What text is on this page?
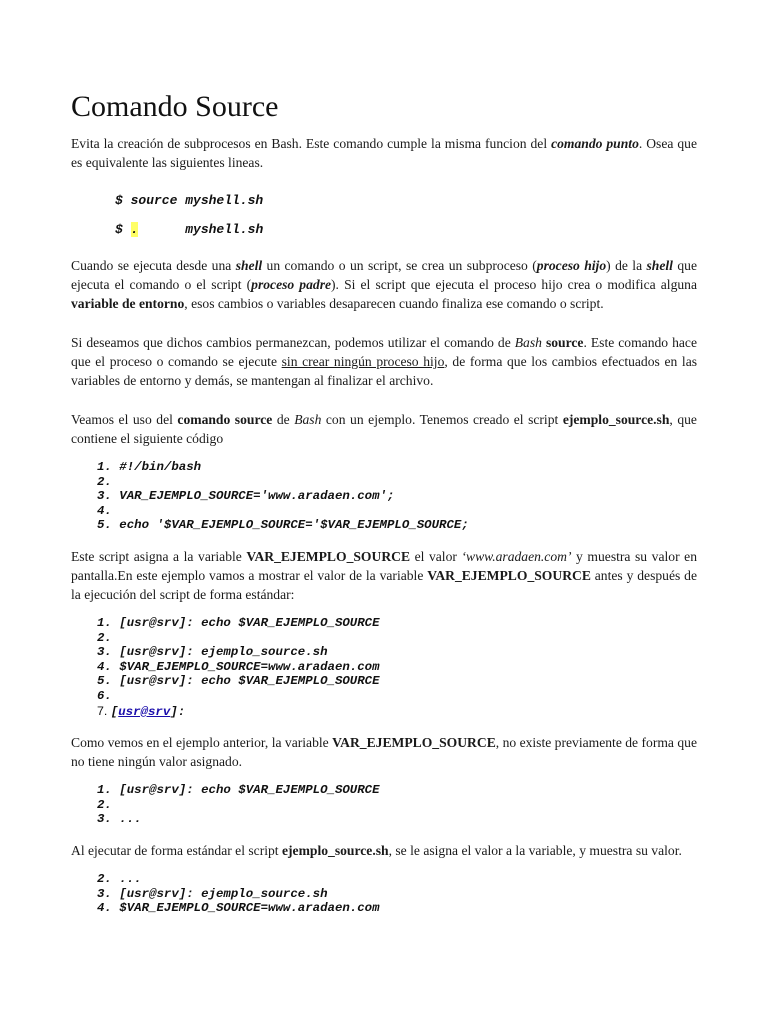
Comando Source

Evita la creación de subprocesos en Bash. Este comando cumple la misma funcion del comando punto. Osea que es equivalente las siguientes lineas.

$ source myshell.sh
$ .      myshell.sh

Cuando se ejecuta desde una shell un comando o un script, se crea un subproceso (proceso hijo) de la shell que ejecuta el comando o el script (proceso padre). Si el script que ejecuta el proceso hijo crea o modifica alguna variable de entorno, esos cambios o variables desaparecen cuando finaliza ese comando o script.

Si deseamos que dichos cambios permanezcan, podemos utilizar el comando de Bash source. Este comando hace que el proceso o comando se ejecute sin crear ningún proceso hijo, de forma que los cambios efectuados en las variables de entorno y demás, se mantengan al finalizar el archivo.

Veamos el uso del comando source de Bash con un ejemplo. Tenemos creado el script ejemplo_source.sh, que contiene el siguiente código

1. #!/bin/bash
2.
3. VAR_EJEMPLO_SOURCE='www.aradaen.com';
4.
5. echo '$VAR_EJEMPLO_SOURCE='$VAR_EJEMPLO_SOURCE;

Este script asigna a la variable VAR_EJEMPLO_SOURCE el valor ‘www.aradaen.com’ y muestra su valor en pantalla.En este ejemplo vamos a mostrar el valor de la variable VAR_EJEMPLO_SOURCE antes y después de la ejecución del script de forma estándar:

1. [usr@srv]: echo $VAR_EJEMPLO_SOURCE
2.
3. [usr@srv]: ejemplo_source.sh
4. $VAR_EJEMPLO_SOURCE=www.aradaen.com
5. [usr@srv]: echo $VAR_EJEMPLO_SOURCE
6.
7. [usr@srv]:

Como vemos en el ejemplo anterior, la variable VAR_EJEMPLO_SOURCE, no existe previamente de forma que no tiene ningún valor asignado.

1. [usr@srv]: echo $VAR_EJEMPLO_SOURCE
2.
3. ...

Al ejecutar de forma estándar el script ejemplo_source.sh, se le asigna el valor a la variable, y muestra su valor.

2. ...
3. [usr@srv]: ejemplo_source.sh
4. $VAR_EJEMPLO_SOURCE=www.aradaen.com
